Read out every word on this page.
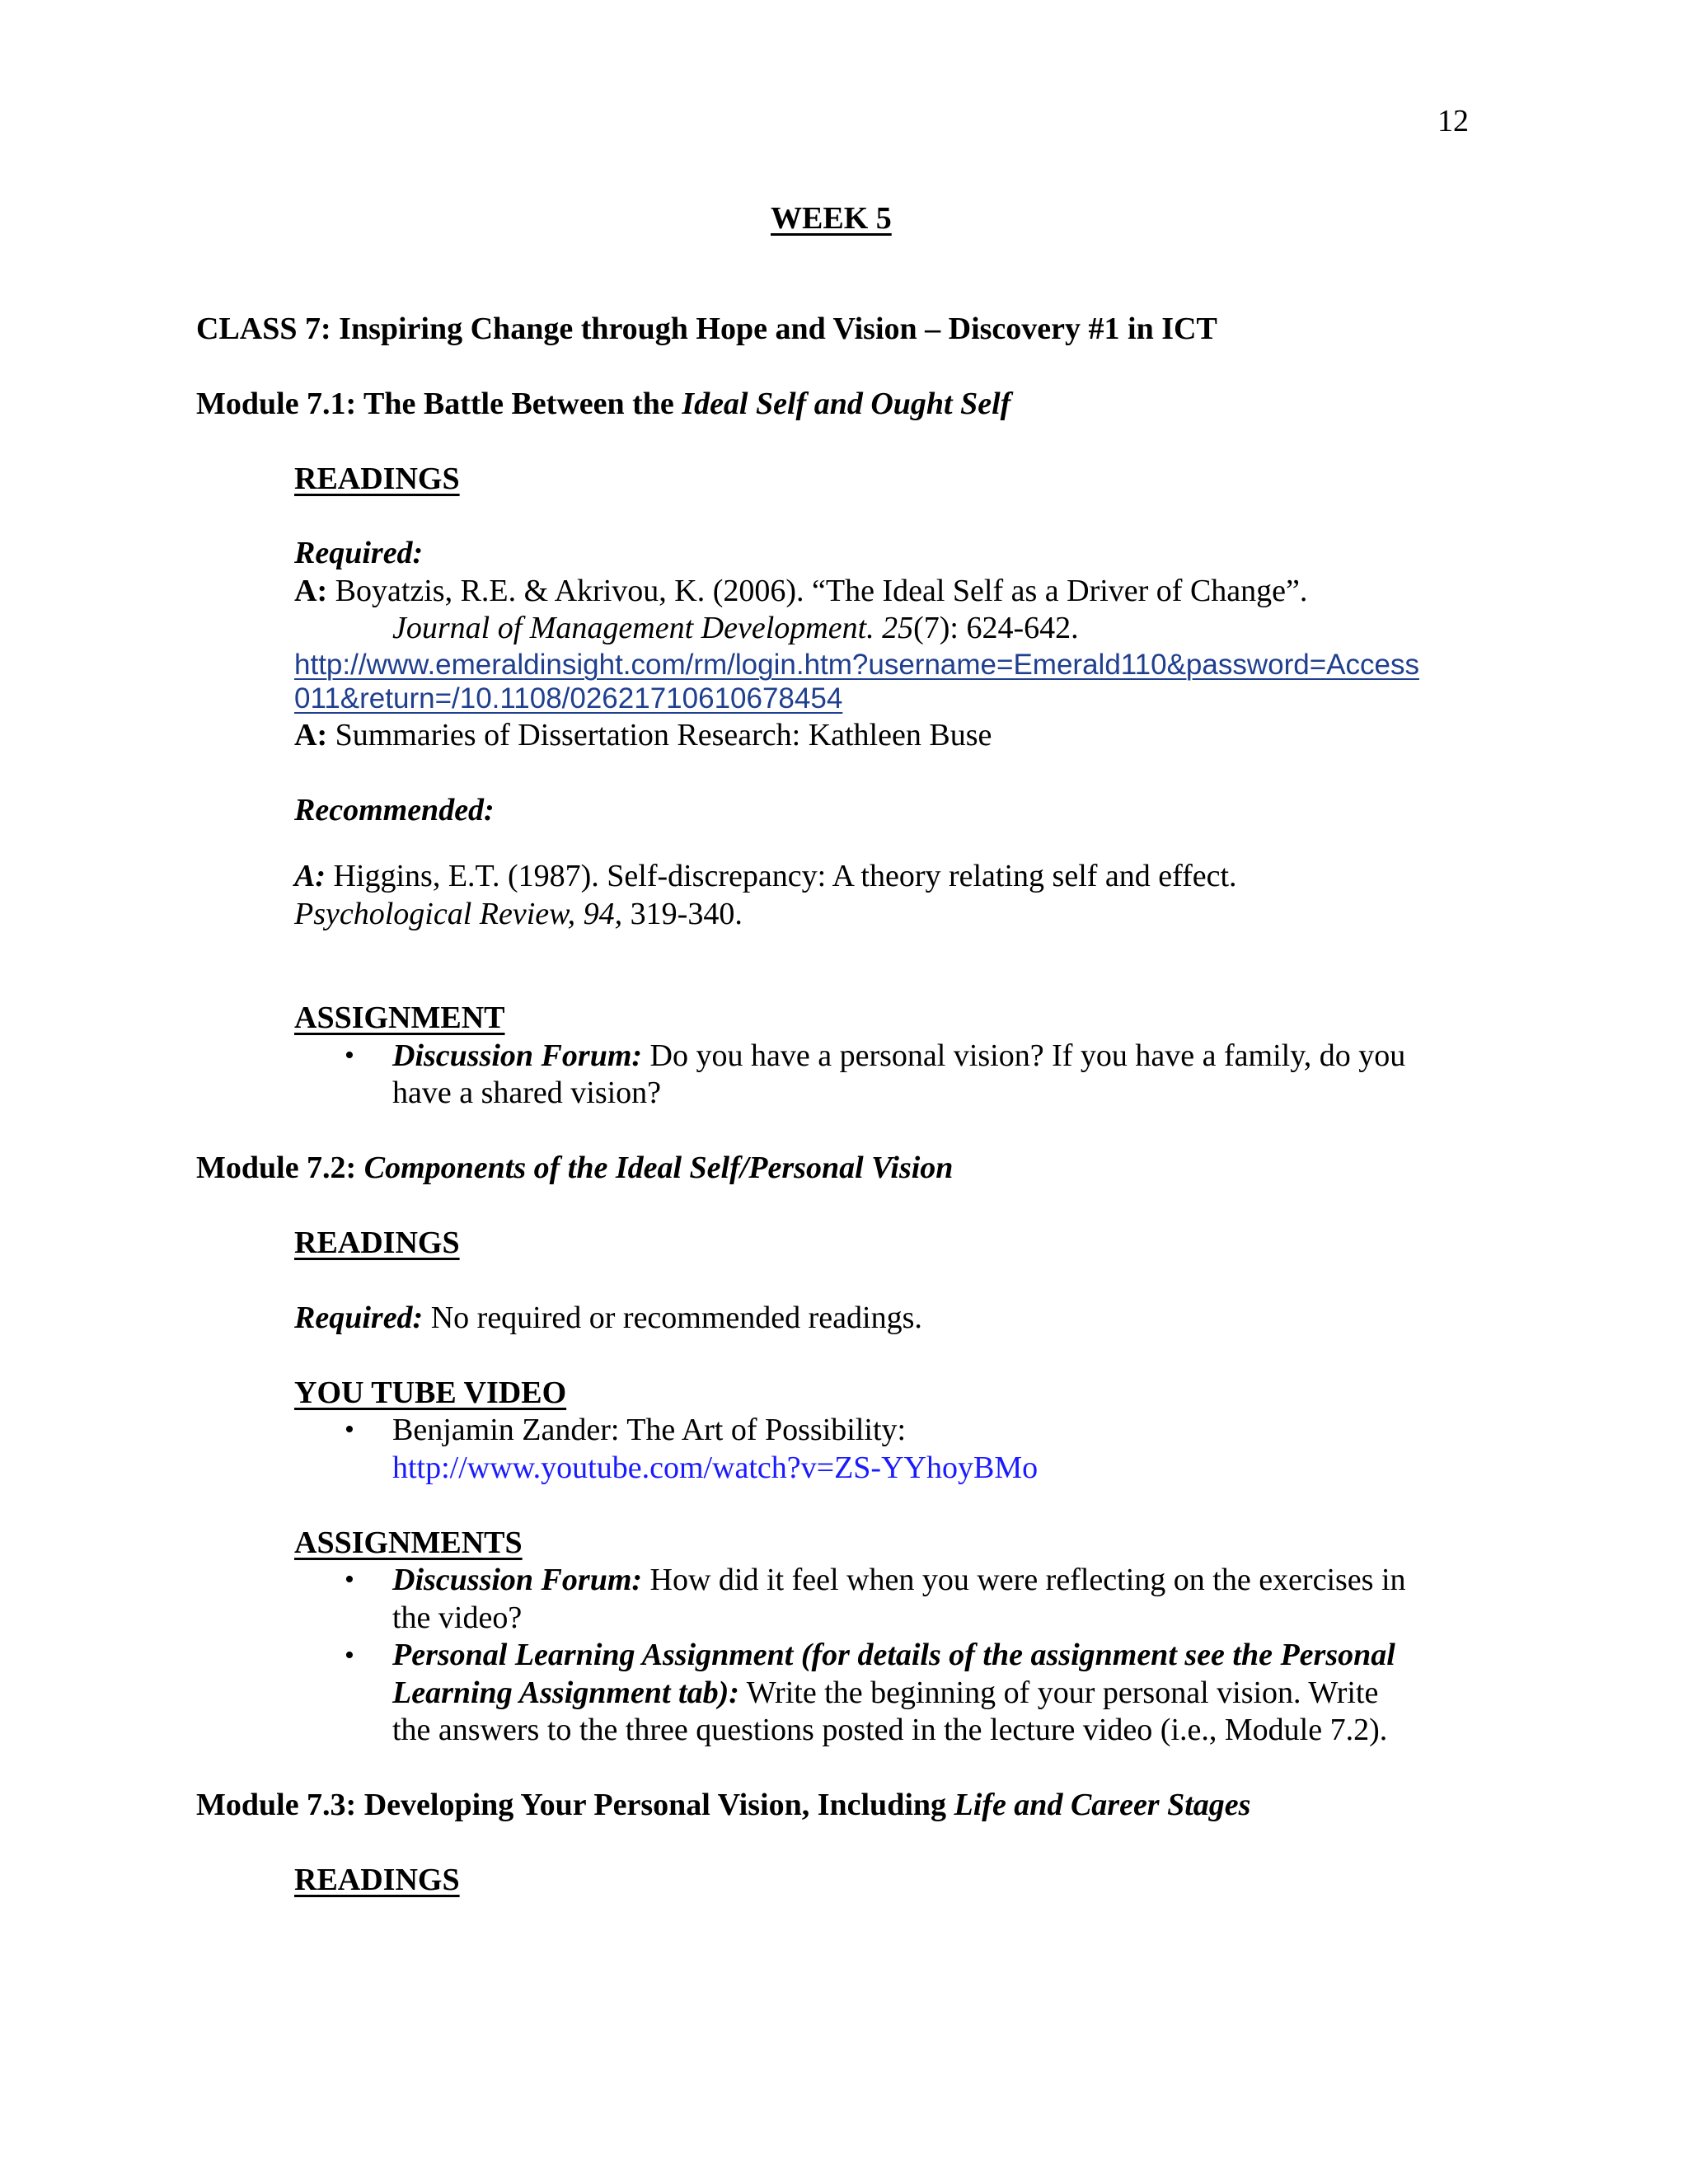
12
WEEK 5
CLASS 7: Inspiring Change through Hope and Vision – Discovery #1 in ICT
Module 7.1: The Battle Between the Ideal Self and Ought Self
READINGS
Required:
A: Boyatzis, R.E. & Akrivou, K. (2006). “The Ideal Self as a Driver of Change”.
Journal of Management Development. 25(7): 624-642.
http://www.emeraldinsight.com/rm/login.htm?username=Emerald110&password=Access
011&return=/10.1108/02621710610678454
A: Summaries of Dissertation Research: Kathleen Buse
Recommended:
A: Higgins, E.T. (1987). Self-discrepancy: A theory relating self and effect.
Psychological Review, 94, 319-340.
ASSIGNMENT
• Discussion Forum: Do you have a personal vision? If you have a family, do you
have a shared vision?
Module 7.2: Components of the Ideal Self/Personal Vision
READINGS
Required: No required or recommended readings.
YOU TUBE VIDEO
• Benjamin Zander: The Art of Possibility:
http://www.youtube.com/watch?v=ZS-YYhoyBMo
ASSIGNMENTS
• Discussion Forum: How did it feel when you were reflecting on the exercises in
the video?
• Personal Learning Assignment (for details of the assignment see the Personal
Learning Assignment tab): Write the beginning of your personal vision. Write
the answers to the three questions posted in the lecture video (i.e., Module 7.2).
Module 7.3: Developing Your Personal Vision, Including Life and Career Stages
READINGS
